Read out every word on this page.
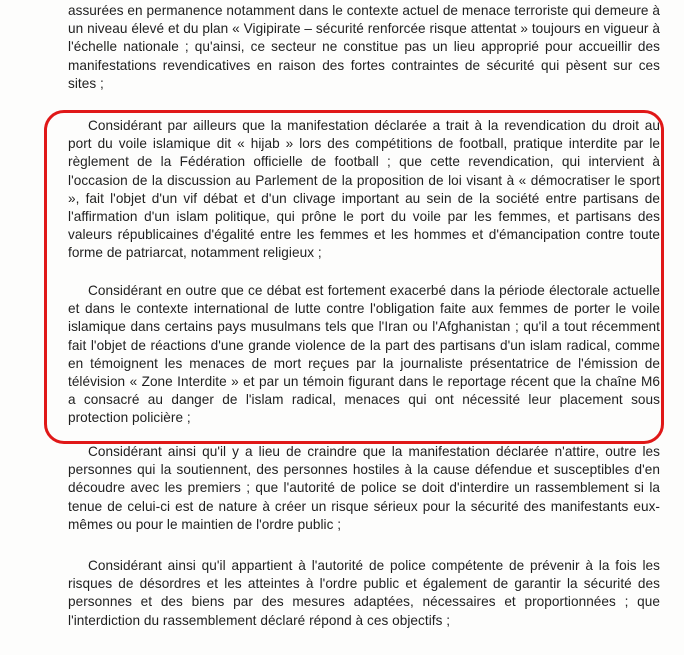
assurées en permanence notamment dans le contexte actuel de menace terroriste qui demeure à un niveau élevé et du plan « Vigipirate – sécurité renforcée risque attentat » toujours en vigueur à l'échelle nationale ; qu'ainsi, ce secteur ne constitue pas un lieu approprié pour accueillir des manifestations revendicatives en raison des fortes contraintes de sécurité qui pèsent sur ces sites ;

Considérant par ailleurs que la manifestation déclarée a trait à la revendication du droit au port du voile islamique dit « hijab » lors des compétitions de football, pratique interdite par le règlement de la Fédération officielle de football ; que cette revendication, qui intervient à l'occasion de la discussion au Parlement de la proposition de loi visant à « démocratiser le sport », fait l'objet d'un vif débat et d'un clivage important au sein de la société entre partisans de l'affirmation d'un islam politique, qui prône le port du voile par les femmes, et partisans des valeurs républicaines d'égalité entre les femmes et les hommes et d'émancipation contre toute forme de patriarcat, notamment religieux ;

Considérant en outre que ce débat est fortement exacerbé dans la période électorale actuelle et dans le contexte international de lutte contre l'obligation faite aux femmes de porter le voile islamique dans certains pays musulmans tels que l'Iran ou l'Afghanistan ; qu'il a tout récemment fait l'objet de réactions d'une grande violence de la part des partisans d'un islam radical, comme en témoignent les menaces de mort reçues par la journaliste présentatrice de l'émission de télévision « Zone Interdite » et par un témoin figurant dans le reportage récent que la chaîne M6 a consacré au danger de l'islam radical, menaces qui ont nécessité leur placement sous protection policière ;

Considérant ainsi qu'il y a lieu de craindre que la manifestation déclarée n'attire, outre les personnes qui la soutiennent, des personnes hostiles à la cause défendue et susceptibles d'en découdre avec les premiers ; que l'autorité de police se doit d'interdire un rassemblement si la tenue de celui-ci est de nature à créer un risque sérieux pour la sécurité des manifestants eux-mêmes ou pour le maintien de l'ordre public ;

Considérant ainsi qu'il appartient à l'autorité de police compétente de prévenir à la fois les risques de désordres et les atteintes à l'ordre public et également de garantir la sécurité des personnes et des biens par des mesures adaptées, nécessaires et proportionnées ; que l'interdiction du rassemblement déclaré répond à ces objectifs ;
